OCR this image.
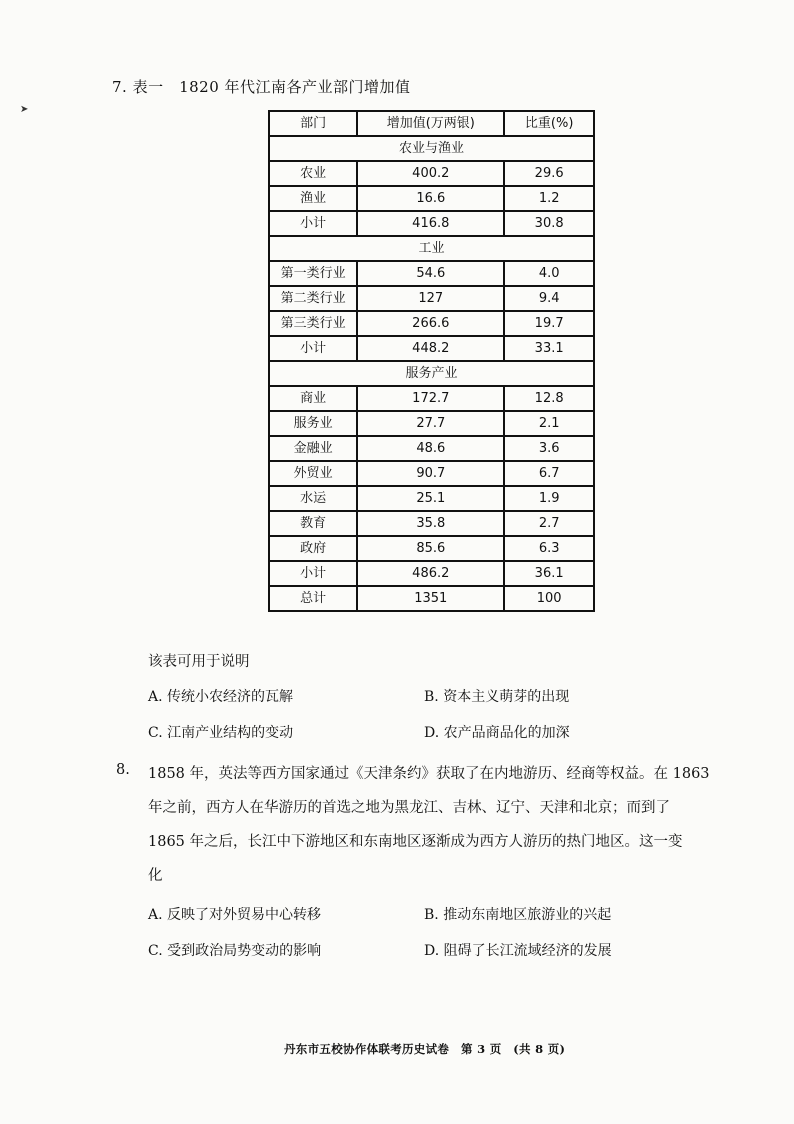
➤
7. 表一　1820 年代江南各产业部门增加值
部门	增加值(万两银)	比重(%)
农业与渔业		
农业	400.2	29.6
渔业	16.6	1.2
小计	416.8	30.8
工业		
第一类行业	54.6	4.0
第二类行业	127	9.4
第三类行业	266.6	19.7
小计	448.2	33.1
服务产业		
商业	172.7	12.8
服务业	27.7	2.1
金融业	48.6	3.6
外贸业	90.7	6.7
水运	25.1	1.9
教育	35.8	2.7
政府	85.6	6.3
小计	486.2	36.1
总计	1351	100
该表可用于说明
A. 传统小农经济的瓦解	B. 资本主义萌芽的出现
C. 江南产业结构的变动	D. 农产品商品化的加深
8. 1858 年，英法等西方国家通过《天津条约》获取了在内地游历、经商等权益。在 1863
年之前，西方人在华游历的首选之地为黑龙江、吉林、辽宁、天津和北京；而到了
1865 年之后，长江中下游地区和东南地区逐渐成为西方人游历的热门地区。这一变
化
A. 反映了对外贸易中心转移	B. 推动东南地区旅游业的兴起
C. 受到政治局势变动的影响	D. 阻碍了长江流域经济的发展
丹东市五校协作体联考历史试卷　第 3 页　(共 8 页)
